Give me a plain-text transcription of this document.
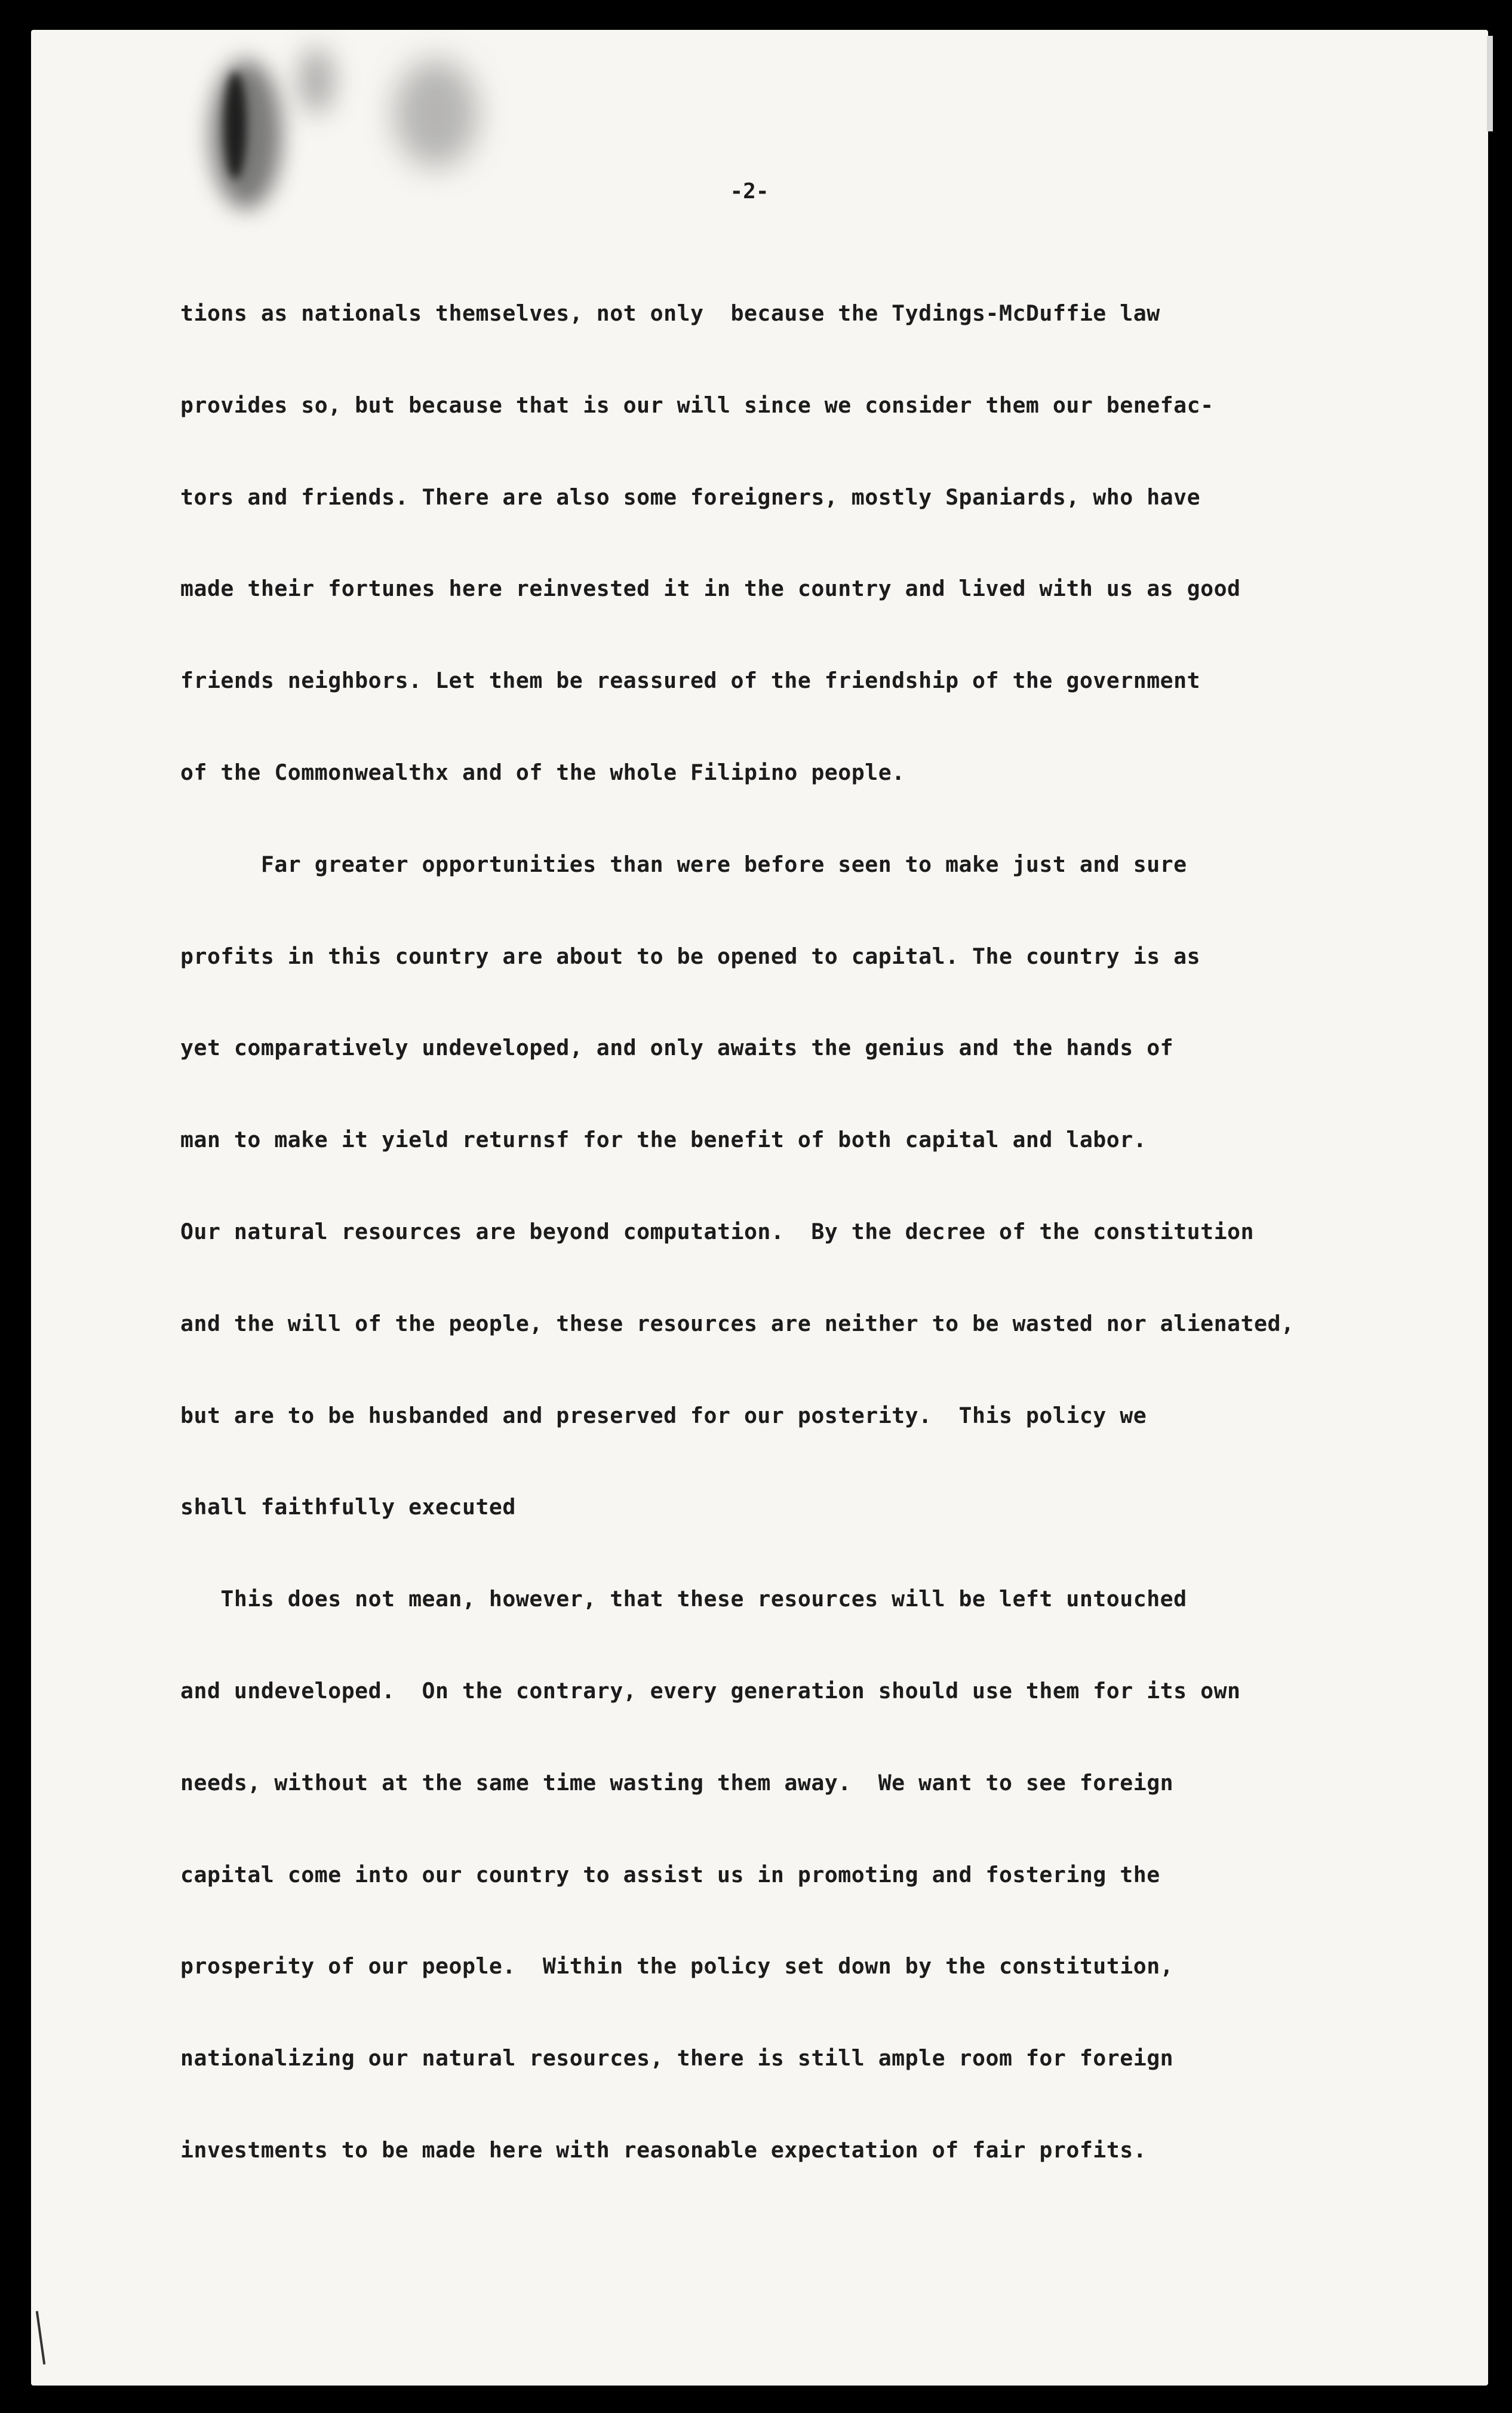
-2-
tions as nationals themselves, not only  because the Tydings-McDuffie law
provides so, but because that is our will since we consider them our benefac-
tors and friends. There are also some foreigners, mostly Spaniards, who have
made their fortunes here reinvested it in the country and lived with us as good
friends neighbors. Let them be reassured of the friendship of the government
of the Commonwealthx and of the whole Filipino people.
Far greater opportunities than were before seen to make just and sure
profits in this country are about to be opened to capital. The country is as
yet comparatively undeveloped, and only awaits the genius and the hands of
man to make it yield returnsf for the benefit of both capital and labor.
Our natural resources are beyond computation.  By the decree of the constitution
and the will of the people, these resources are neither to be wasted nor alienated,
but are to be husbanded and preserved for our posterity.  This policy we
shall faithfully executed
This does not mean, however, that these resources will be left untouched
and undeveloped.  On the contrary, every generation should use them for its own
needs, without at the same time wasting them away.  We want to see foreign
capital come into our country to assist us in promoting and fostering the
prosperity of our people.  Within the policy set down by the constitution,
nationalizing our natural resources, there is still ample room for foreign
investments to be made here with reasonable expectation of fair profits.
